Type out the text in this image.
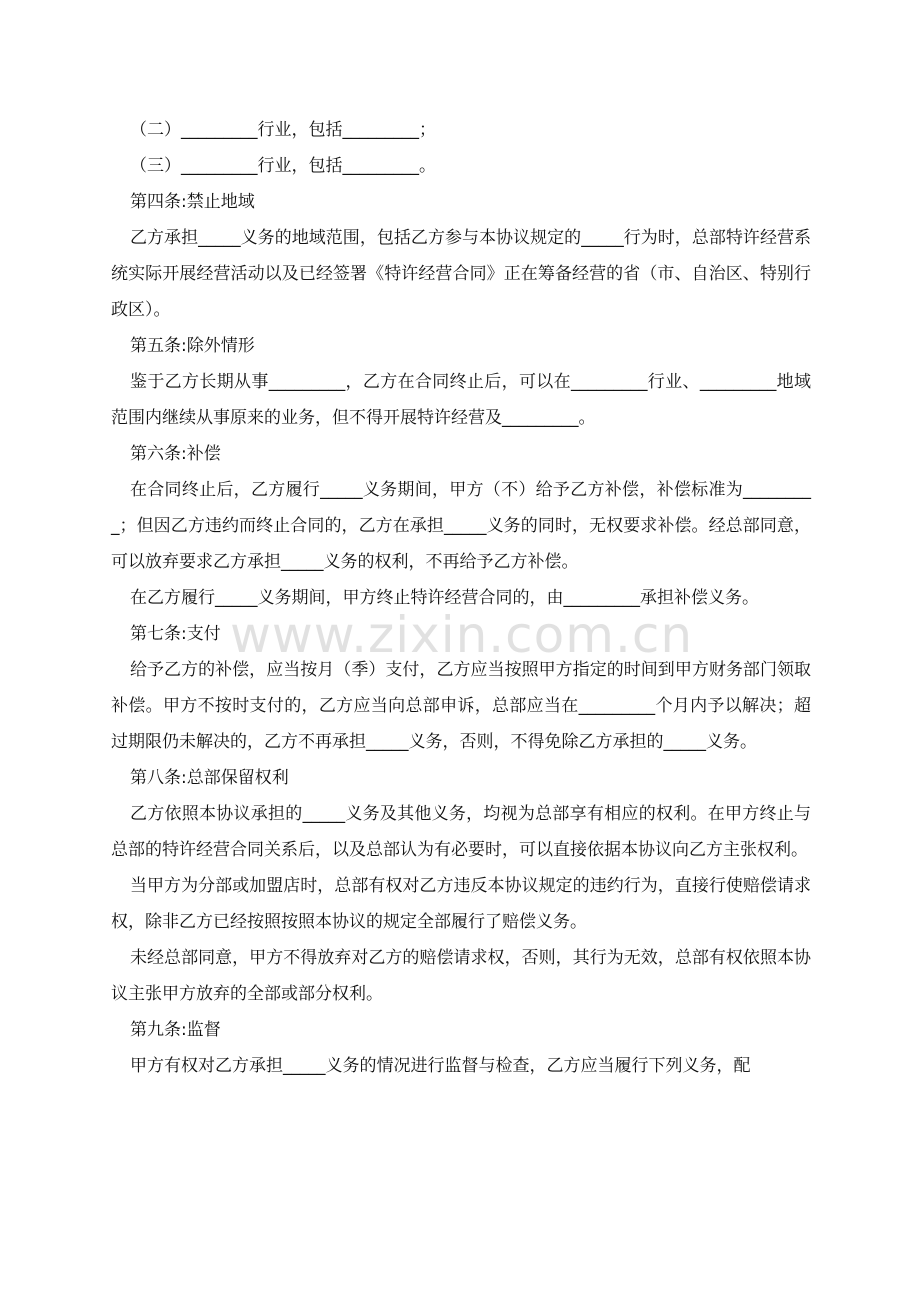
（二）_________行业，包括_________；

（三）_________行业，包括_________。

第四条:禁止地域

乙方承担_____义务的地域范围，包括乙方参与本协议规定的_____行为时，总部特许经营系统实际开展经营活动以及已经签署《特许经营合同》正在筹备经营的省（市、自治区、特别行政区）。

第五条:除外情形

鉴于乙方长期从事_________，乙方在合同终止后，可以在_________行业、_________地域范围内继续从事原来的业务，但不得开展特许经营及_________。

第六条:补偿

在合同终止后，乙方履行_____义务期间，甲方（不）给予乙方补偿，补偿标准为_________；但因乙方违约而终止合同的，乙方在承担_____义务的同时，无权要求补偿。经总部同意，可以放弃要求乙方承担_____义务的权利，不再给予乙方补偿。

在乙方履行_____义务期间，甲方终止特许经营合同的，由_________承担补偿义务。

第七条:支付

给予乙方的补偿，应当按月（季）支付，乙方应当按照甲方指定的时间到甲方财务部门领取补偿。甲方不按时支付的，乙方应当向总部申诉，总部应当在_________个月内予以解决；超过期限仍未解决的，乙方不再承担_____义务，否则，不得免除乙方承担的_____义务。

第八条:总部保留权利

乙方依照本协议承担的_____义务及其他义务，均视为总部享有相应的权利。在甲方终止与总部的特许经营合同关系后，以及总部认为有必要时，可以直接依据本协议向乙方主张权利。

当甲方为分部或加盟店时，总部有权对乙方违反本协议规定的违约行为，直接行使赔偿请求权，除非乙方已经按照按照本协议的规定全部履行了赔偿义务。

未经总部同意，甲方不得放弃对乙方的赔偿请求权，否则，其行为无效，总部有权依照本协议主张甲方放弃的全部或部分权利。

第九条:监督

甲方有权对乙方承担_____义务的情况进行监督与检查，乙方应当履行下列义务，配

www.zixin.com.cn
